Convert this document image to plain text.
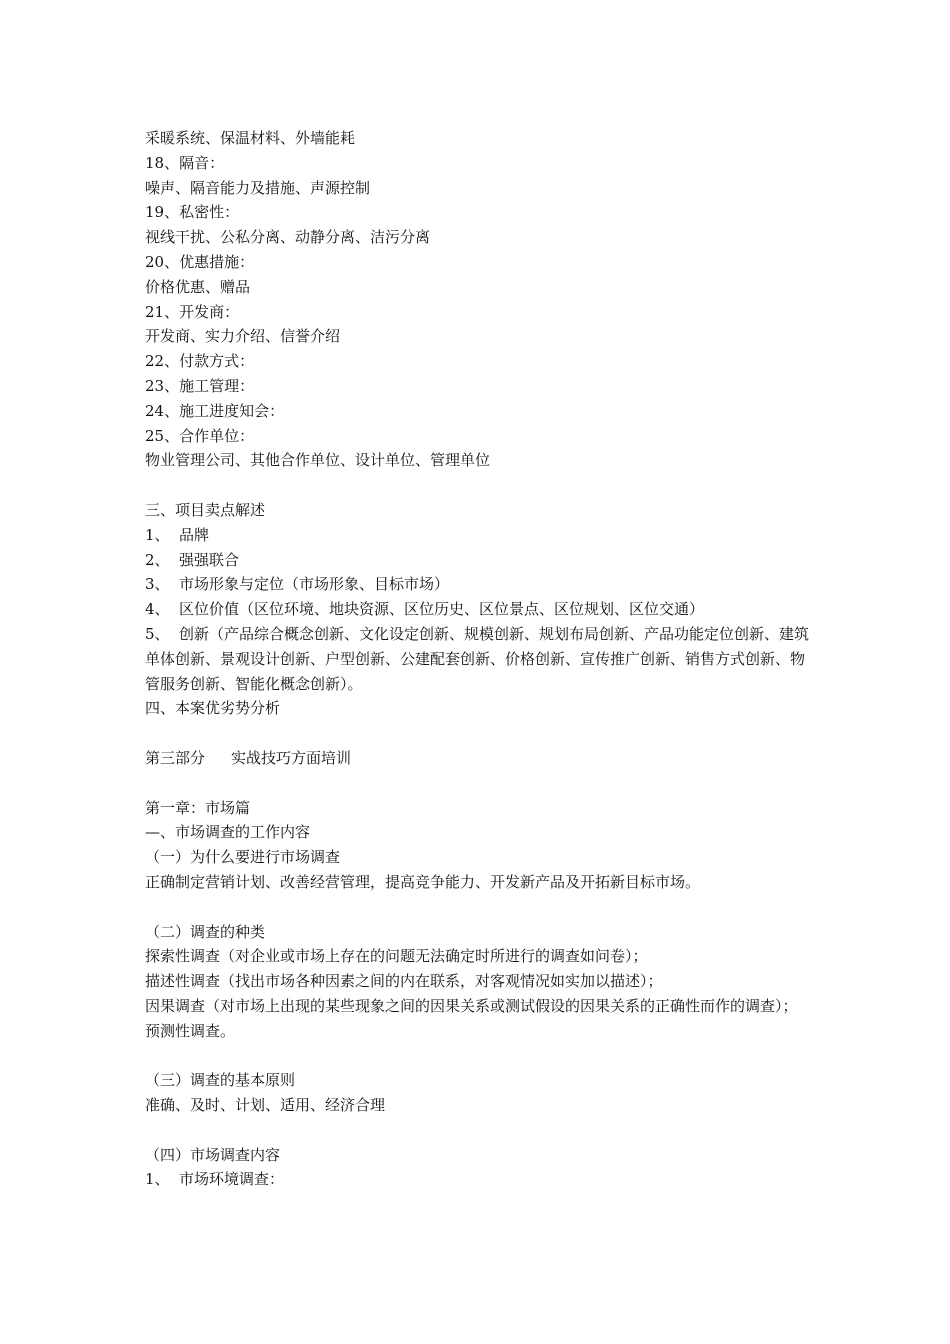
采暖系统、保温材料、外墙能耗
18、隔音：
噪声、隔音能力及措施、声源控制
19、私密性：
视线干扰、公私分离、动静分离、洁污分离
20、优惠措施：
价格优惠、赠品
21、开发商：
开发商、实力介绍、信誉介绍
22、付款方式：
23、施工管理：
24、施工进度知会：
25、合作单位：
物业管理公司、其他合作单位、设计单位、管理单位
三、项目卖点解述
1、 品牌
2、 强强联合
3、 市场形象与定位（市场形象、目标市场）
4、 区位价值（区位环境、地块资源、区位历史、区位景点、区位规划、区位交通）
5、 创新（产品综合概念创新、文化设定创新、规模创新、规划布局创新、产品功能定位创新、建筑单体创新、景观设计创新、户型创新、公建配套创新、价格创新、宣传推广创新、销售方式创新、物管服务创新、智能化概念创新）。
四、本案优劣势分析
第三部分 实战技巧方面培训
第一章：市场篇
—、市场调查的工作内容
（一）为什么要进行市场调查
正确制定营销计划、改善经营管理，提高竞争能力、开发新产品及开拓新目标市场。
（二）调查的种类
探索性调查（对企业或市场上存在的问题无法确定时所进行的调查如问卷）；
描述性调查（找出市场各种因素之间的内在联系，对客观情况如实加以描述）；
因果调查（对市场上出现的某些现象之间的因果关系或测试假设的因果关系的正确性而作的调查）；
预测性调查。
（三）调查的基本原则
准确、及时、计划、适用、经济合理
（四）市场调查内容
1、 市场环境调查：
